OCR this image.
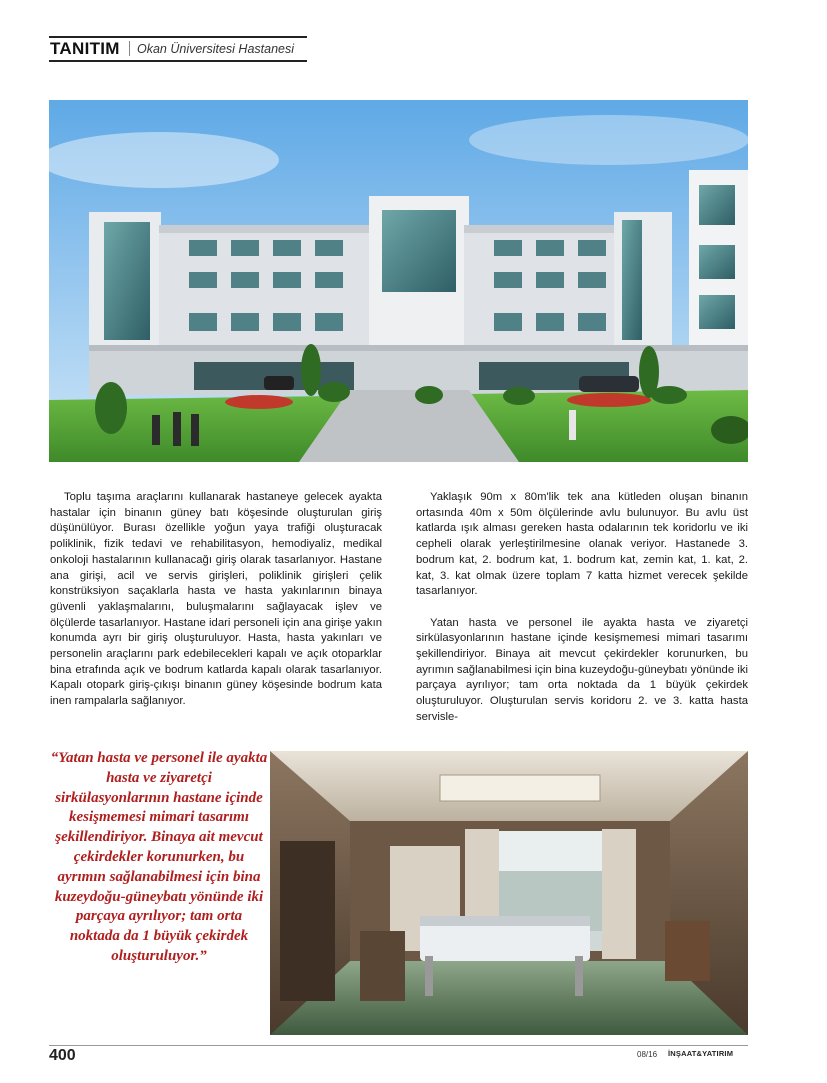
TANITIM Okan Üniversitesi Hastanesi

Toplu taşıma araçlarını kullanarak hastaneye gelecek ayakta hastalar için binanın güney batı köşesinde oluşturulan giriş düşünülüyor. Burası özellikle yoğun yaya trafiği oluşturacak poliklinik, fizik tedavi ve rehabilitasyon, hemodiyaliz, medikal onkoloji hastalarının kullanacağı giriş olarak tasarlanıyor. Hastane ana girişi, acil ve servis girişleri, poliklinik girişleri çelik konstrüksiyon saçaklarla hasta ve hasta yakınlarının binaya güvenli yaklaşmalarını, buluşmalarını sağlayacak işlev ve ölçülerde tasarlanıyor. Hastane idari personeli için ana girişe yakın konumda ayrı bir giriş oluşturuluyor. Hasta, hasta yakınları ve personelin araçlarını park edebilecekleri kapalı ve açık otoparklar bina etrafında açık ve bodrum katlarda kapalı olarak tasarlanıyor. Kapalı otopark giriş-çıkışı binanın güney köşesinde bodrum kata inen rampalarla sağlanıyor.

Yaklaşık 90m x 80m'lik tek ana kütleden oluşan binanın ortasında 40m x 50m ölçülerinde avlu bulunuyor. Bu avlu üst katlarda ışık alması gereken hasta odalarının tek koridorlu ve iki cepheli olarak yerleştirilmesine olanak veriyor. Hastanede 3. bodrum kat, 2. bodrum kat, 1. bodrum kat, zemin kat, 1. kat, 2. kat, 3. kat olmak üzere toplam 7 katta hizmet verecek şekilde tasarlanıyor.

Yatan hasta ve personel ile ayakta hasta ve ziyaretçi sirkülasyonlarının hastane içinde kesişmemesi mimari tasarımı şekillendiriyor. Binaya ait mevcut çekirdekler korunurken, bu ayrımın sağlanabilmesi için bina kuzeydoğu-güneybatı yönünde iki parçaya ayrılıyor; tam orta noktada da 1 büyük çekirdek oluşturuluyor. Oluşturulan servis koridoru 2. ve 3. katta hasta servisle-

“Yatan hasta ve personel ile ayakta hasta ve ziyaretçi sirkülasyonlarının hastane içinde kesişmemesi mimari tasarımı şekillendiriyor. Binaya ait mevcut çekirdekler korunurken, bu ayrımın sağlanabilmesi için bina kuzeydoğu-güneybatı yönünde iki parçaya ayrılıyor; tam orta noktada da 1 büyük çekirdek oluşturuluyor.”
400	08/16 İNŞAAT&YATIRIM
